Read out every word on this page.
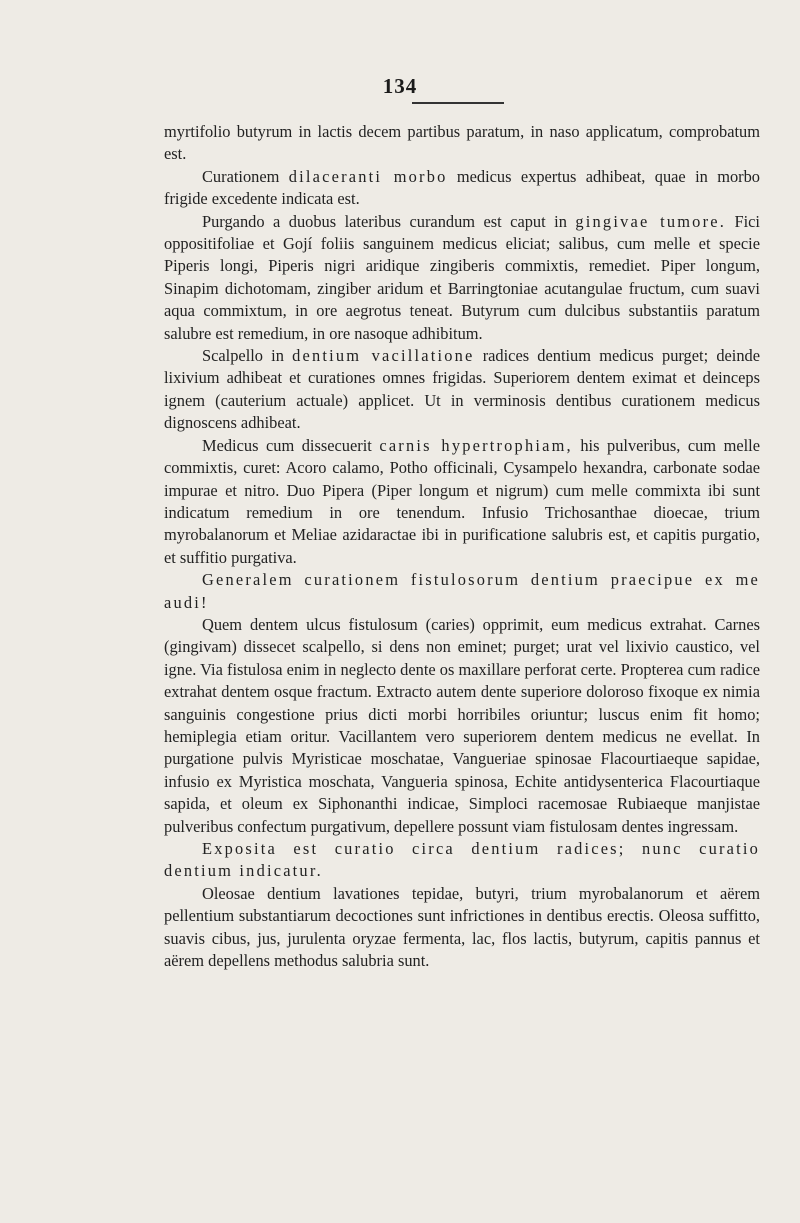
134

myrtifolio butyrum in lactis decem partibus paratum, in naso applicatum, comprobatum est.

Curationem dilaceranti morbo medicus expertus adhibeat, quae in morbo frigide excedente indicata est.

Purgando a duobus lateribus curandum est caput in gingivae tumore. Fici oppositifoliae et Gojí foliis sanguinem medicus eliciat; salibus, cum melle et specie Piperis longi, Piperis nigri aridique zingiberis commixtis, remediet. Piper longum, Sinapim dichotomam, zingiber aridum et Barringtoniae acutangulae fructum, cum suavi aqua commixtum, in ore aegrotus teneat. Butyrum cum dulcibus substantiis paratum salubre est remedium, in ore nasoque adhibitum.

Scalpello in dentium vacillatione radices dentium medicus purget; deinde lixivium adhibeat et curationes omnes frigidas. Superiorem dentem eximat et deinceps ignem (cauterium actuale) applicet. Ut in verminosis dentibus curationem medicus dignoscens adhibeat.

Medicus cum dissecuerit carnis hypertrophiam, his pulveribus, cum melle commixtis, curet: Acoro calamo, Potho officinali, Cysampelo hexandra, carbonate sodae impurae et nitro. Duo Pipera (Piper longum et nigrum) cum melle commixta ibi sunt indicatum remedium in ore tenendum. Infusio Trichosanthae dioecae, trium myrobalanorum et Meliae azidaractae ibi in purificatione salubris est, et capitis purgatio, et suffitio purgativa.

Generalem curationem fistulosorum dentium praecipue ex me audi!

Quem dentem ulcus fistulosum (caries) opprimit, eum medicus extrahat. Carnes (gingivam) dissecet scalpello, si dens non eminet; purget; urat vel lixivio caustico, vel igne. Via fistulosa enim in neglecto dente os maxillare perforat certe. Propterea cum radice extrahat dentem osque fractum. Extracto autem dente superiore doloroso fixoque ex nimia sanguinis congestione prius dicti morbi horribiles oriuntur; luscus enim fit homo; hemiplegia etiam oritur. Vacillantem vero superiorem dentem medicus ne evellat. In purgatione pulvis Myristicae moschatae, Vangueriae spinosae Flacourtiaeque sapidae, infusio ex Myristica moschata, Vangueria spinosa, Echite antidysenterica Flacourtiaque sapida, et oleum ex Siphonanthi indicae, Simploci racemosae Rubiaeque manjistae pulveribus confectum purgativum, depellere possunt viam fistulosam dentes ingressam.

Exposita est curatio circa dentium radices; nunc curatio dentium indicatur.

Oleosae dentium lavationes tepidae, butyri, trium myrobalanorum et aërem pellentium substantiarum decoctiones sunt infrictiones in dentibus erectis. Oleosa suffitto, suavis cibus, jus, jurulenta oryzae fermenta, lac, flos lactis, butyrum, capitis pannus et aërem depellens methodus salubria sunt.
